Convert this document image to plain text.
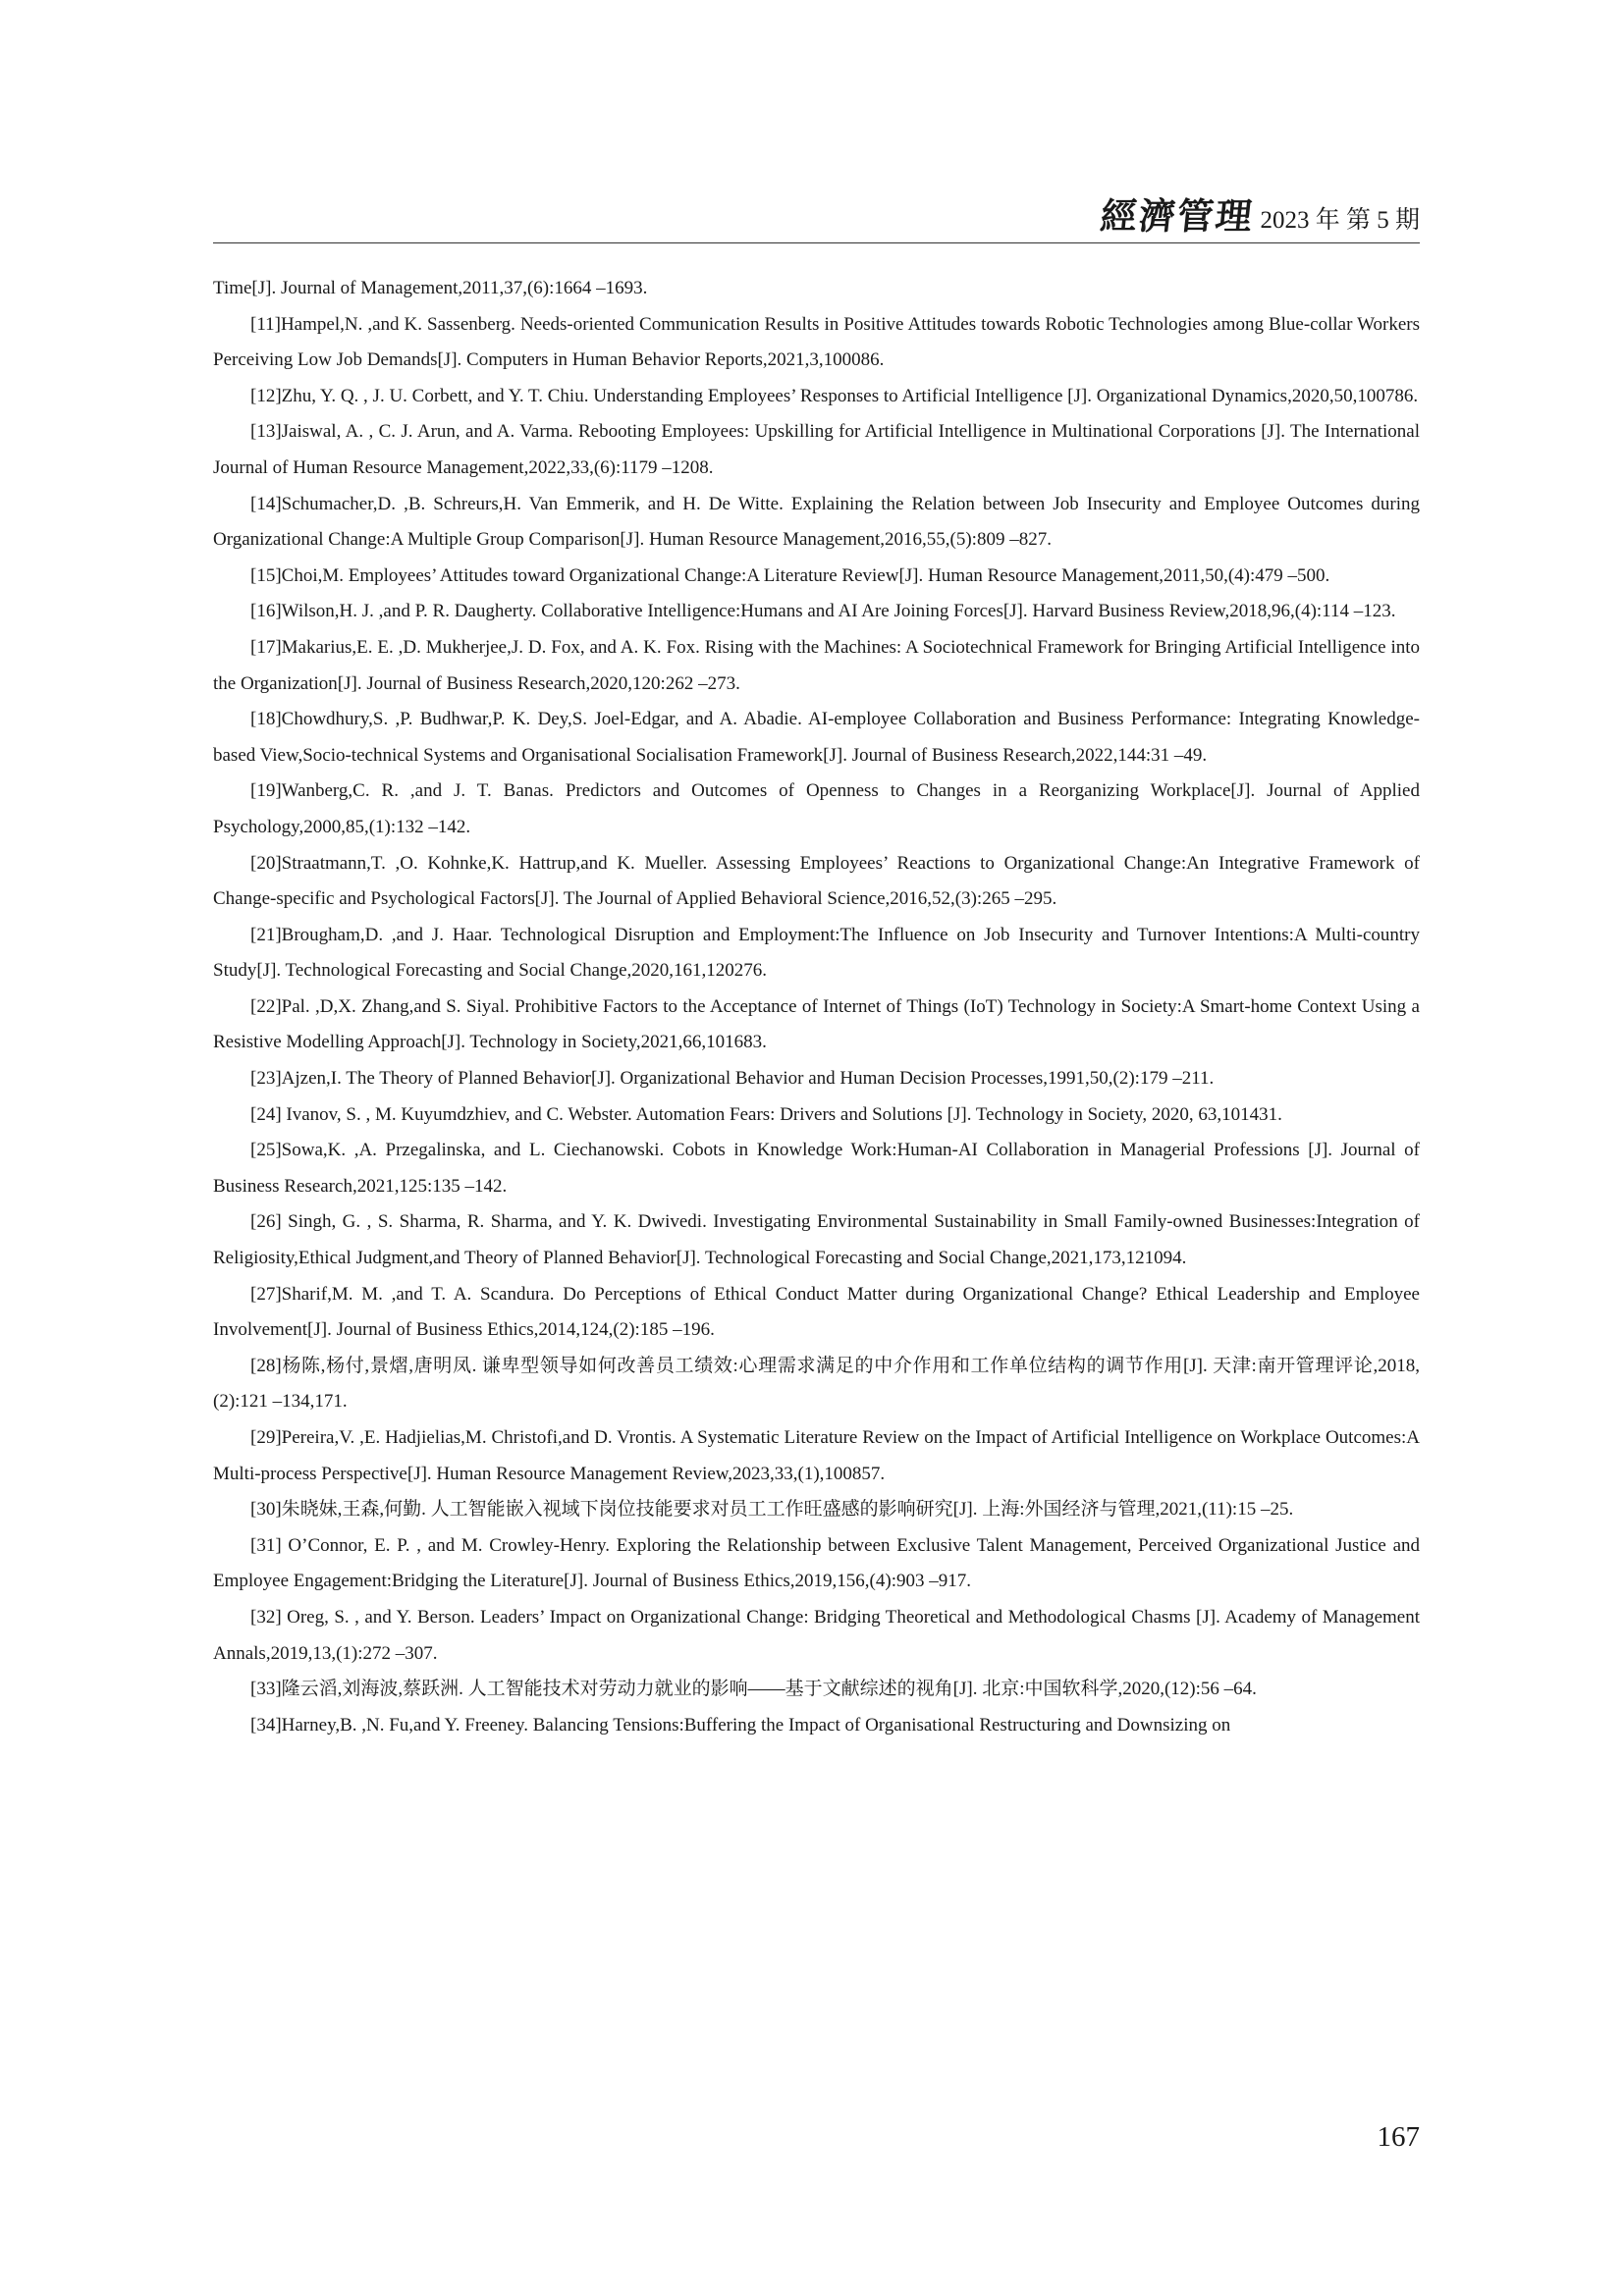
經濟管理 2023 年 第 5 期

Time[J]. Journal of Management,2011,37,(6):1664 –1693.

[11]Hampel,N. ,and K. Sassenberg. Needs-oriented Communication Results in Positive Attitudes towards Robotic Technologies among Blue-collar Workers Perceiving Low Job Demands[J]. Computers in Human Behavior Reports,2021,3,100086.

[12]Zhu, Y. Q. , J. U. Corbett, and Y. T. Chiu. Understanding Employees’ Responses to Artificial Intelligence [J]. Organizational Dynamics,2020,50,100786.

[13]Jaiswal, A. , C. J. Arun, and A. Varma. Rebooting Employees: Upskilling for Artificial Intelligence in Multinational Corporations [J]. The International Journal of Human Resource Management,2022,33,(6):1179 –1208.

[14]Schumacher,D. ,B. Schreurs,H. Van Emmerik, and H. De Witte. Explaining the Relation between Job Insecurity and Employee Outcomes during Organizational Change:A Multiple Group Comparison[J]. Human Resource Management,2016,55,(5):809 –827.

[15]Choi,M. Employees’ Attitudes toward Organizational Change:A Literature Review[J]. Human Resource Management,2011,50,(4):479 –500.

[16]Wilson,H. J. ,and P. R. Daugherty. Collaborative Intelligence:Humans and AI Are Joining Forces[J]. Harvard Business Review,2018,96,(4):114 –123.

[17]Makarius,E. E. ,D. Mukherjee,J. D. Fox, and A. K. Fox. Rising with the Machines: A Sociotechnical Framework for Bringing Artificial Intelligence into the Organization[J]. Journal of Business Research,2020,120:262 –273.

[18]Chowdhury,S. ,P. Budhwar,P. K. Dey,S. Joel-Edgar, and A. Abadie. AI-employee Collaboration and Business Performance: Integrating Knowledge-based View,Socio-technical Systems and Organisational Socialisation Framework[J]. Journal of Business Research,2022,144:31 –49.

[19]Wanberg,C. R. ,and J. T. Banas. Predictors and Outcomes of Openness to Changes in a Reorganizing Workplace[J]. Journal of Applied Psychology,2000,85,(1):132 –142.

[20]Straatmann,T. ,O. Kohnke,K. Hattrup,and K. Mueller. Assessing Employees’ Reactions to Organizational Change:An Integrative Framework of Change-specific and Psychological Factors[J]. The Journal of Applied Behavioral Science,2016,52,(3):265 –295.

[21]Brougham,D. ,and J. Haar. Technological Disruption and Employment:The Influence on Job Insecurity and Turnover Intentions:A Multi-country Study[J]. Technological Forecasting and Social Change,2020,161,120276.

[22]Pal. ,D,X. Zhang,and S. Siyal. Prohibitive Factors to the Acceptance of Internet of Things (IoT) Technology in Society:A Smart-home Context Using a Resistive Modelling Approach[J]. Technology in Society,2021,66,101683.

[23]Ajzen,I. The Theory of Planned Behavior[J]. Organizational Behavior and Human Decision Processes,1991,50,(2):179 –211.

[24] Ivanov, S. , M. Kuyumdzhiev, and C. Webster. Automation Fears: Drivers and Solutions [J]. Technology in Society, 2020, 63,101431.

[25]Sowa,K. ,A. Przegalinska, and L. Ciechanowski. Cobots in Knowledge Work:Human-AI Collaboration in Managerial Professions [J]. Journal of Business Research,2021,125:135 –142.

[26] Singh, G. , S. Sharma, R. Sharma, and Y. K. Dwivedi. Investigating Environmental Sustainability in Small Family-owned Businesses:Integration of Religiosity,Ethical Judgment,and Theory of Planned Behavior[J]. Technological Forecasting and Social Change,2021,173,121094.

[27]Sharif,M. M. ,and T. A. Scandura. Do Perceptions of Ethical Conduct Matter during Organizational Change? Ethical Leadership and Employee Involvement[J]. Journal of Business Ethics,2014,124,(2):185 –196.

[28]杨陈,杨付,景熠,唐明凤. 谦卑型领导如何改善员工绩效:心理需求满足的中介作用和工作单位结构的调节作用[J]. 天津:南开管理评论,2018,(2):121 –134,171.

[29]Pereira,V. ,E. Hadjielias,M. Christofi,and D. Vrontis. A Systematic Literature Review on the Impact of Artificial Intelligence on Workplace Outcomes:A Multi-process Perspective[J]. Human Resource Management Review,2023,33,(1),100857.

[30]朱晓妹,王森,何勤. 人工智能嵌入视域下岗位技能要求对员工工作旺盛感的影响研究[J]. 上海:外国经济与管理,2021,(11):15 –25.

[31] O’Connor, E. P. , and M. Crowley-Henry. Exploring the Relationship between Exclusive Talent Management, Perceived Organizational Justice and Employee Engagement:Bridging the Literature[J]. Journal of Business Ethics,2019,156,(4):903 –917.

[32] Oreg, S. , and Y. Berson. Leaders’ Impact on Organizational Change: Bridging Theoretical and Methodological Chasms [J]. Academy of Management Annals,2019,13,(1):272 –307.

[33]隆云滔,刘海波,蔡跃洲. 人工智能技术对劳动力就业的影响——基于文献综述的视角[J]. 北京:中国软科学,2020,(12):56 –64.

[34]Harney,B. ,N. Fu,and Y. Freeney. Balancing Tensions:Buffering the Impact of Organisational Restructuring and Downsizing on

167
